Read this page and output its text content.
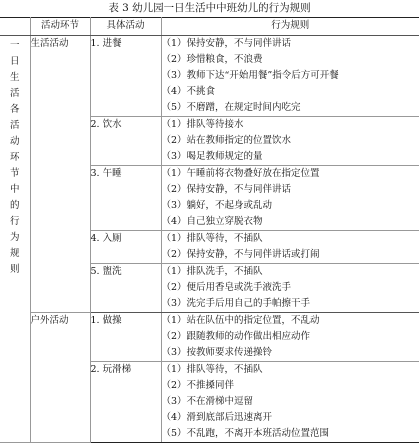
表 3 幼儿园一日生活中中班幼儿的行为规则
	活动环节	具体活动	行为规则

一日生活各活动环节中的行为规则	生活活动	1. 进餐	（1）保持安静，不与同伴讲话
（2）珍惜粮食，不浪费
（3）教师下达“开始用餐”指令后方可开餐
（4）不挑食
（5）不磨蹭，在规定时间内吃完

		2. 饮水	（1）排队等待接水
（2）站在教师指定的位置饮水
（3）喝足教师规定的量

		3. 午睡	（1）午睡前将衣物叠好放在指定位置
（2）保持安静，不与同伴讲话
（3）躺好，不起身或乱动
（4）自己独立穿脱衣物

		4. 入厕	（1）排队等待，不插队
（2）保持安静，不与同伴讲话或打闹

		5. 盥洗	（1）排队洗手，不插队
（2）便后用香皂或洗手液洗手
（3）洗完手后用自己的手帕擦干手

	户外活动	1. 做操	（1）站在队伍中的指定位置，不乱动
（2）跟随教师的动作做出相应动作
（3）按教师要求传递操铃

		2. 玩滑梯	（1）排队等待，不插队
（2）不推搡同伴
（3）不在滑梯中逗留
（4）滑到底部后迅速离开
（5）不乱跑，不离开本班活动位置范围
